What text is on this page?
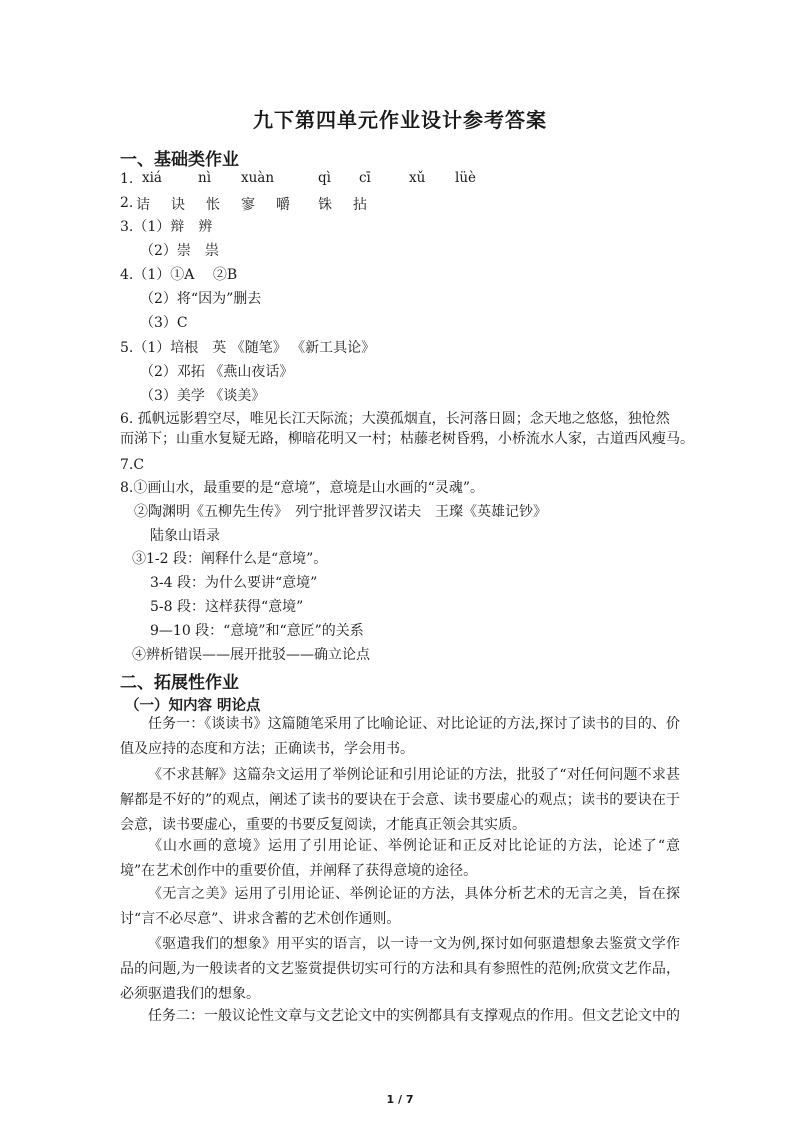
九下第四单元作业设计参考答案
一、基础类作业
1. xiá	nì xuàn	qì cī	xǔ lüè
2. 诘 诀 怅 寥 嚼 铢 拈
3.（1）辩　辨
（2）崇　祟
4.（1）①A　 ②B
（2）将“因为”删去
（3）C
5.（1）培根　英 《随笔》 《新工具论》
（2）邓拓 《燕山夜话》
（3）美学 《谈美》
6. 孤帆远影碧空尽，唯见长江天际流；大漠孤烟直，长河落日圆；念天地之悠悠，独怆然
而涕下；山重水复疑无路，柳暗花明又一村；枯藤老树昏鸦，小桥流水人家，古道西风瘦马。
7.C
8.①画山水，最重要的是“意境”，意境是山水画的“灵魂”。
②陶渊明《五柳先生传》　列宁批评普罗汉诺夫　王璨《英雄记钞》
陆象山语录
③1-2 段：阐释什么是“意境”。
3-4 段：为什么要讲“意境”
5-8 段：这样获得“意境”
9—10 段：“意境”和“意匠”的关系
④辨析错误——展开批驳——确立论点
二、拓展性作业
（一）知内容 明论点
任务一：《谈读书》这篇随笔采用了比喻论证、对比论证的方法,探讨了读书的目的、价值及应持的态度和方法；正确读书，学会用书。
《不求甚解》这篇杂文运用了举例论证和引用论证的方法，批驳了“对任何问题不求甚解都是不好的”的观点，阐述了读书的要诀在于会意、读书要虚心的观点；读书的要诀在于会意，读书要虚心，重要的书要反复阅读，才能真正领会其实质。
《山水画的意境》运用了引用论证、举例论证和正反对比论证的方法，论述了“意境”在艺术创作中的重要价值，并阐释了获得意境的途径。
《无言之美》运用了引用论证、举例论证的方法，具体分析艺术的无言之美，旨在探讨“言不必尽意”、讲求含蓄的艺术创作通则。
《驱遣我们的想象》用平实的语言，以一诗一文为例,探讨如何驱遣想象去鉴赏文学作品的问题,为一般读者的文艺鉴赏提供切实可行的方法和具有参照性的范例;欣赏文艺作品，必须驱遣我们的想象。
任务二：一般议论性文章与文艺论文中的实例都具有支撑观点的作用。但文艺论文中的
1 / 7
